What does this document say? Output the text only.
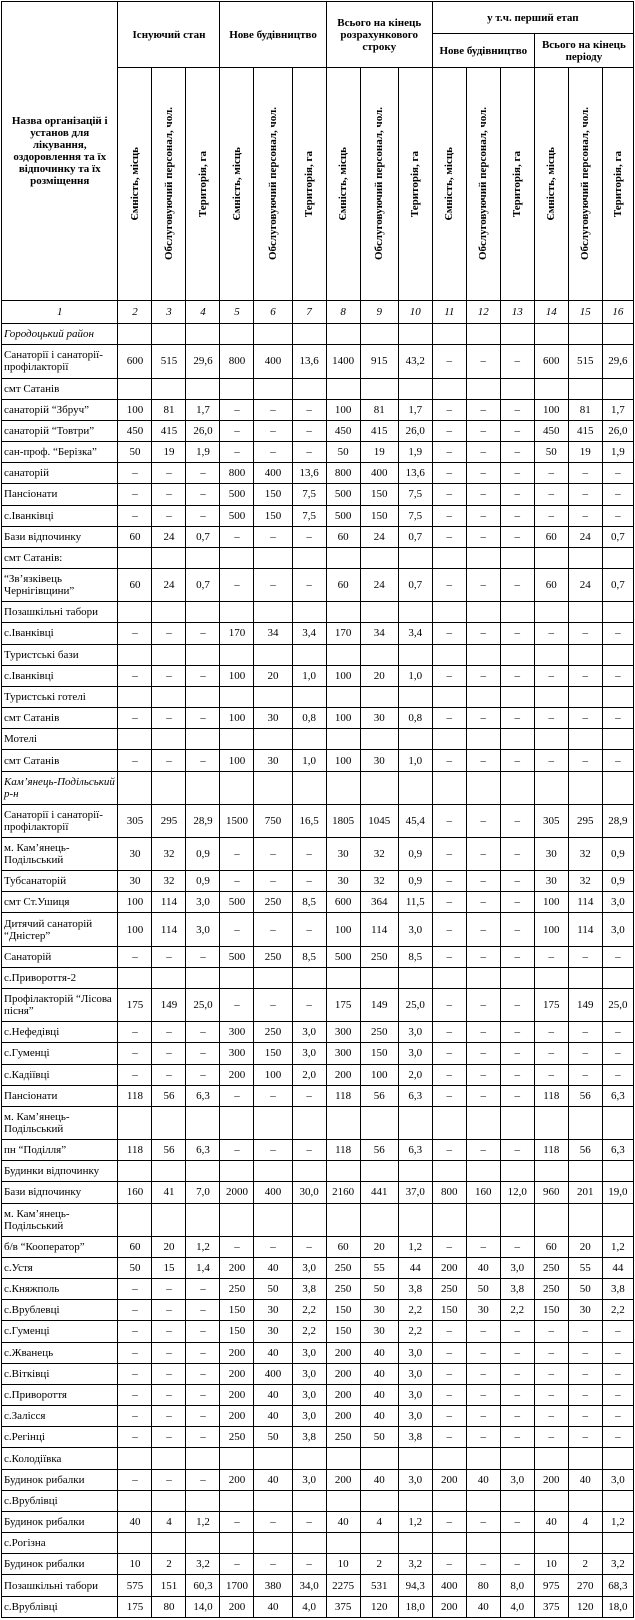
Назва організацій і установ для лікування, оздоровлення та їх відпочинку та їх розміщення	Існуючий стан			Нове будівництво			Всього на кінець розрахункового строку			у т.ч. перший етап					
										Нове будівництво			Всього на кінець періоду		

	Ємність, місць	Обслуговуючий персонал, чол.	Територія, га	Ємність, місць	Обслуговуючий персонал, чол.	Територія, га	Ємність, місць	Обслуговуючий персонал, чол.	Територія, га	Ємність, місць	Обслуговуючий персонал, чол.	Територія, га	Ємність, місць	Обслуговуючий персонал, чол.	Територія, га

1	2	3	4	5	6	7	8	9	10	11	12	13	14	15	16
Городоцький район															
Санаторії і санаторії-профілакторії	600	515	29,6	800	400	13,6	1400	915	43,2	–	–	–	600	515	29,6
смт Сатанів															
санаторій “Збруч”	100	81	1,7	–	–	–	100	81	1,7	–	–	–	100	81	1,7
санаторій “Товтри”	450	415	26,0	–	–	–	450	415	26,0	–	–	–	450	415	26,0
сан-проф. “Берізка”	50	19	1,9	–	–	–	50	19	1,9	–	–	–	50	19	1,9
санаторій	–	–	–	800	400	13,6	800	400	13,6	–	–	–	–	–	–
Пансіонати	–	–	–	500	150	7,5	500	150	7,5	–	–	–	–	–	–
с.Іванківці	–	–	–	500	150	7,5	500	150	7,5	–	–	–	–	–	–
Бази відпочинку	60	24	0,7	–	–	–	60	24	0,7	–	–	–	60	24	0,7
смт Сатанів:															
“Зв’язківець Чернігівщини”	60	24	0,7	–	–	–	60	24	0,7	–	–	–	60	24	0,7
Позашкільні табори															
с.Іванківці	–	–	–	170	34	3,4	170	34	3,4	–	–	–	–	–	–
Туристські бази															
с.Іванківці	–	–	–	100	20	1,0	100	20	1,0	–	–	–	–	–	–
Туристські готелі															
смт Сатанів	–	–	–	100	30	0,8	100	30	0,8	–	–	–	–	–	–
Мотелі															
смт Сатанів	–	–	–	100	30	1,0	100	30	1,0	–	–	–	–	–	–
Кам’янець-Подільський р-н															
Санаторії і санаторії-профілакторії	305	295	28,9	1500	750	16,5	1805	1045	45,4	–	–	–	305	295	28,9
м. Кам’янець-Подільський	30	32	0,9	–	–	–	30	32	0,9	–	–	–	30	32	0,9
Тубсанаторій	30	32	0,9	–	–	–	30	32	0,9	–	–	–	30	32	0,9
смт Ст.Ушиця	100	114	3,0	500	250	8,5	600	364	11,5	–	–	–	100	114	3,0
Дитячий санаторій “Дністер”	100	114	3,0	–	–	–	100	114	3,0	–	–	–	100	114	3,0
Санаторій	–	–	–	500	250	8,5	500	250	8,5	–	–	–	–	–	–
с.Привороття-2															
Профілакторій “Лісова пісня”	175	149	25,0	–	–	–	175	149	25,0	–	–	–	175	149	25,0
с.Нефедівці	–	–	–	300	250	3,0	300	250	3,0	–	–	–	–	–	–
с.Гуменці	–	–	–	300	150	3,0	300	150	3,0	–	–	–	–	–	–
с.Кадіївці	–	–	–	200	100	2,0	200	100	2,0	–	–	–	–	–	–
Пансіонати	118	56	6,3	–	–	–	118	56	6,3	–	–	–	118	56	6,3
м. Кам’янець-Подільський															
пн “Поділля”	118	56	6,3	–	–	–	118	56	6,3	–	–	–	118	56	6,3
Будинки відпочинку															
Бази відпочинку	160	41	7,0	2000	400	30,0	2160	441	37,0	800	160	12,0	960	201	19,0
м. Кам’янець-Подільський															
б/в “Кооператор”	60	20	1,2	–	–	–	60	20	1,2	–	–	–	60	20	1,2
с.Устя	50	15	1,4	200	40	3,0	250	55	44	200	40	3,0	250	55	44
с.Княжполь	–	–	–	250	50	3,8	250	50	3,8	250	50	3,8	250	50	3,8
с.Врублевці	–	–	–	150	30	2,2	150	30	2,2	150	30	2,2	150	30	2,2
с.Гуменці	–	–	–	150	30	2,2	150	30	2,2	–	–	–	–	–	–
с.Жванець	–	–	–	200	40	3,0	200	40	3,0	–	–	–	–	–	–
с.Вітківці	–	–	–	200	400	3,0	200	40	3,0	–	–	–	–	–	–
с.Привороття	–	–	–	200	40	3,0	200	40	3,0	–	–	–	–	–	–
с.Залісся	–	–	–	200	40	3,0	200	40	3,0	–	–	–	–	–	–
с.Регінці	–	–	–	250	50	3,8	250	50	3,8	–	–	–	–	–	–
с.Колодіївка															
Будинок рибалки	–	–	–	200	40	3,0	200	40	3,0	200	40	3,0	200	40	3,0
с.Врублівці															
Будинок рибалки	40	4	1,2	–	–	–	40	4	1,2	–	–	–	40	4	1,2
с.Рогізна															
Будинок рибалки	10	2	3,2	–	–	–	10	2	3,2	–	–	–	10	2	3,2
Позашкільні табори	575	151	60,3	1700	380	34,0	2275	531	94,3	400	80	8,0	975	270	68,3
с.Врублівці	175	80	14,0	200	40	4,0	375	120	18,0	200	40	4,0	375	120	18,0
